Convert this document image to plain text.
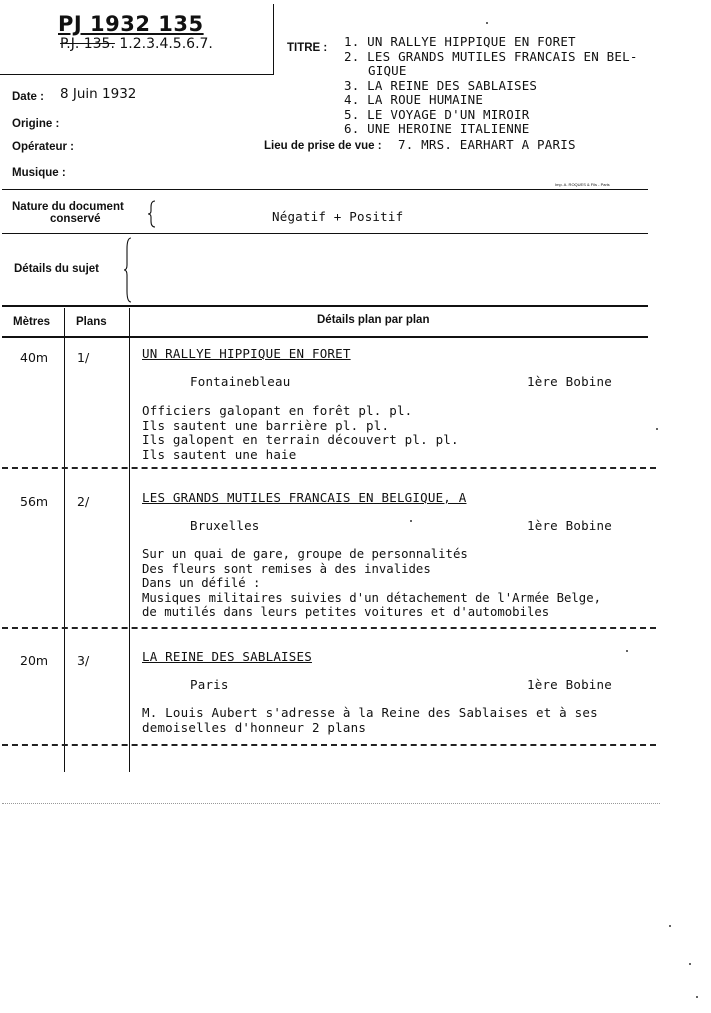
PJ 1932 135
P.J. 135. 1.2.3.4.5.6.7.	TITRE : 1. UN RALLYE HIPPIQUE EN FORET
2. LES GRANDS MUTILES FRANCAIS EN BEL-
GIQUE
3. LA REINE DES SABLAISES
4. LA ROUE HUMAINE
5. LE VOYAGE D'UN MIROIR
6. UNE HEROINE ITALIENNE
Date : 8 Juin 1932
Origine :
Opérateur :	Lieu de prise de vue : 7. MRS. EARHART A PARIS
Musique :
Imp. A. ROQUES & Fils - Paris
Nature du document
conservé	Négatif + Positif
Détails du sujet
Mètres Plans	Détails plan par plan
40m 1/	UN RALLYE HIPPIQUE EN FORET
Fontainebleau	1ère Bobine
Officiers galopant en forêt pl. pl.
Ils sautent une barrière pl. pl.
Ils galopent en terrain découvert pl. pl.
Ils sautent une haie
56m 2/	LES GRANDS MUTILES FRANCAIS EN BELGIQUE, A
Bruxelles	1ère Bobine
Sur un quai de gare, groupe de personnalités
Des fleurs sont remises à des invalides
Dans un défilé :
Musiques militaires suivies d'un détachement de l'Armée Belge,
de mutilés dans leurs petites voitures et d'automobiles
20m 3/	LA REINE DES SABLAISES
Paris	1ère Bobine
M. Louis Aubert s'adresse à la Reine des Sablaises et à ses
demoiselles d'honneur 2 plans
